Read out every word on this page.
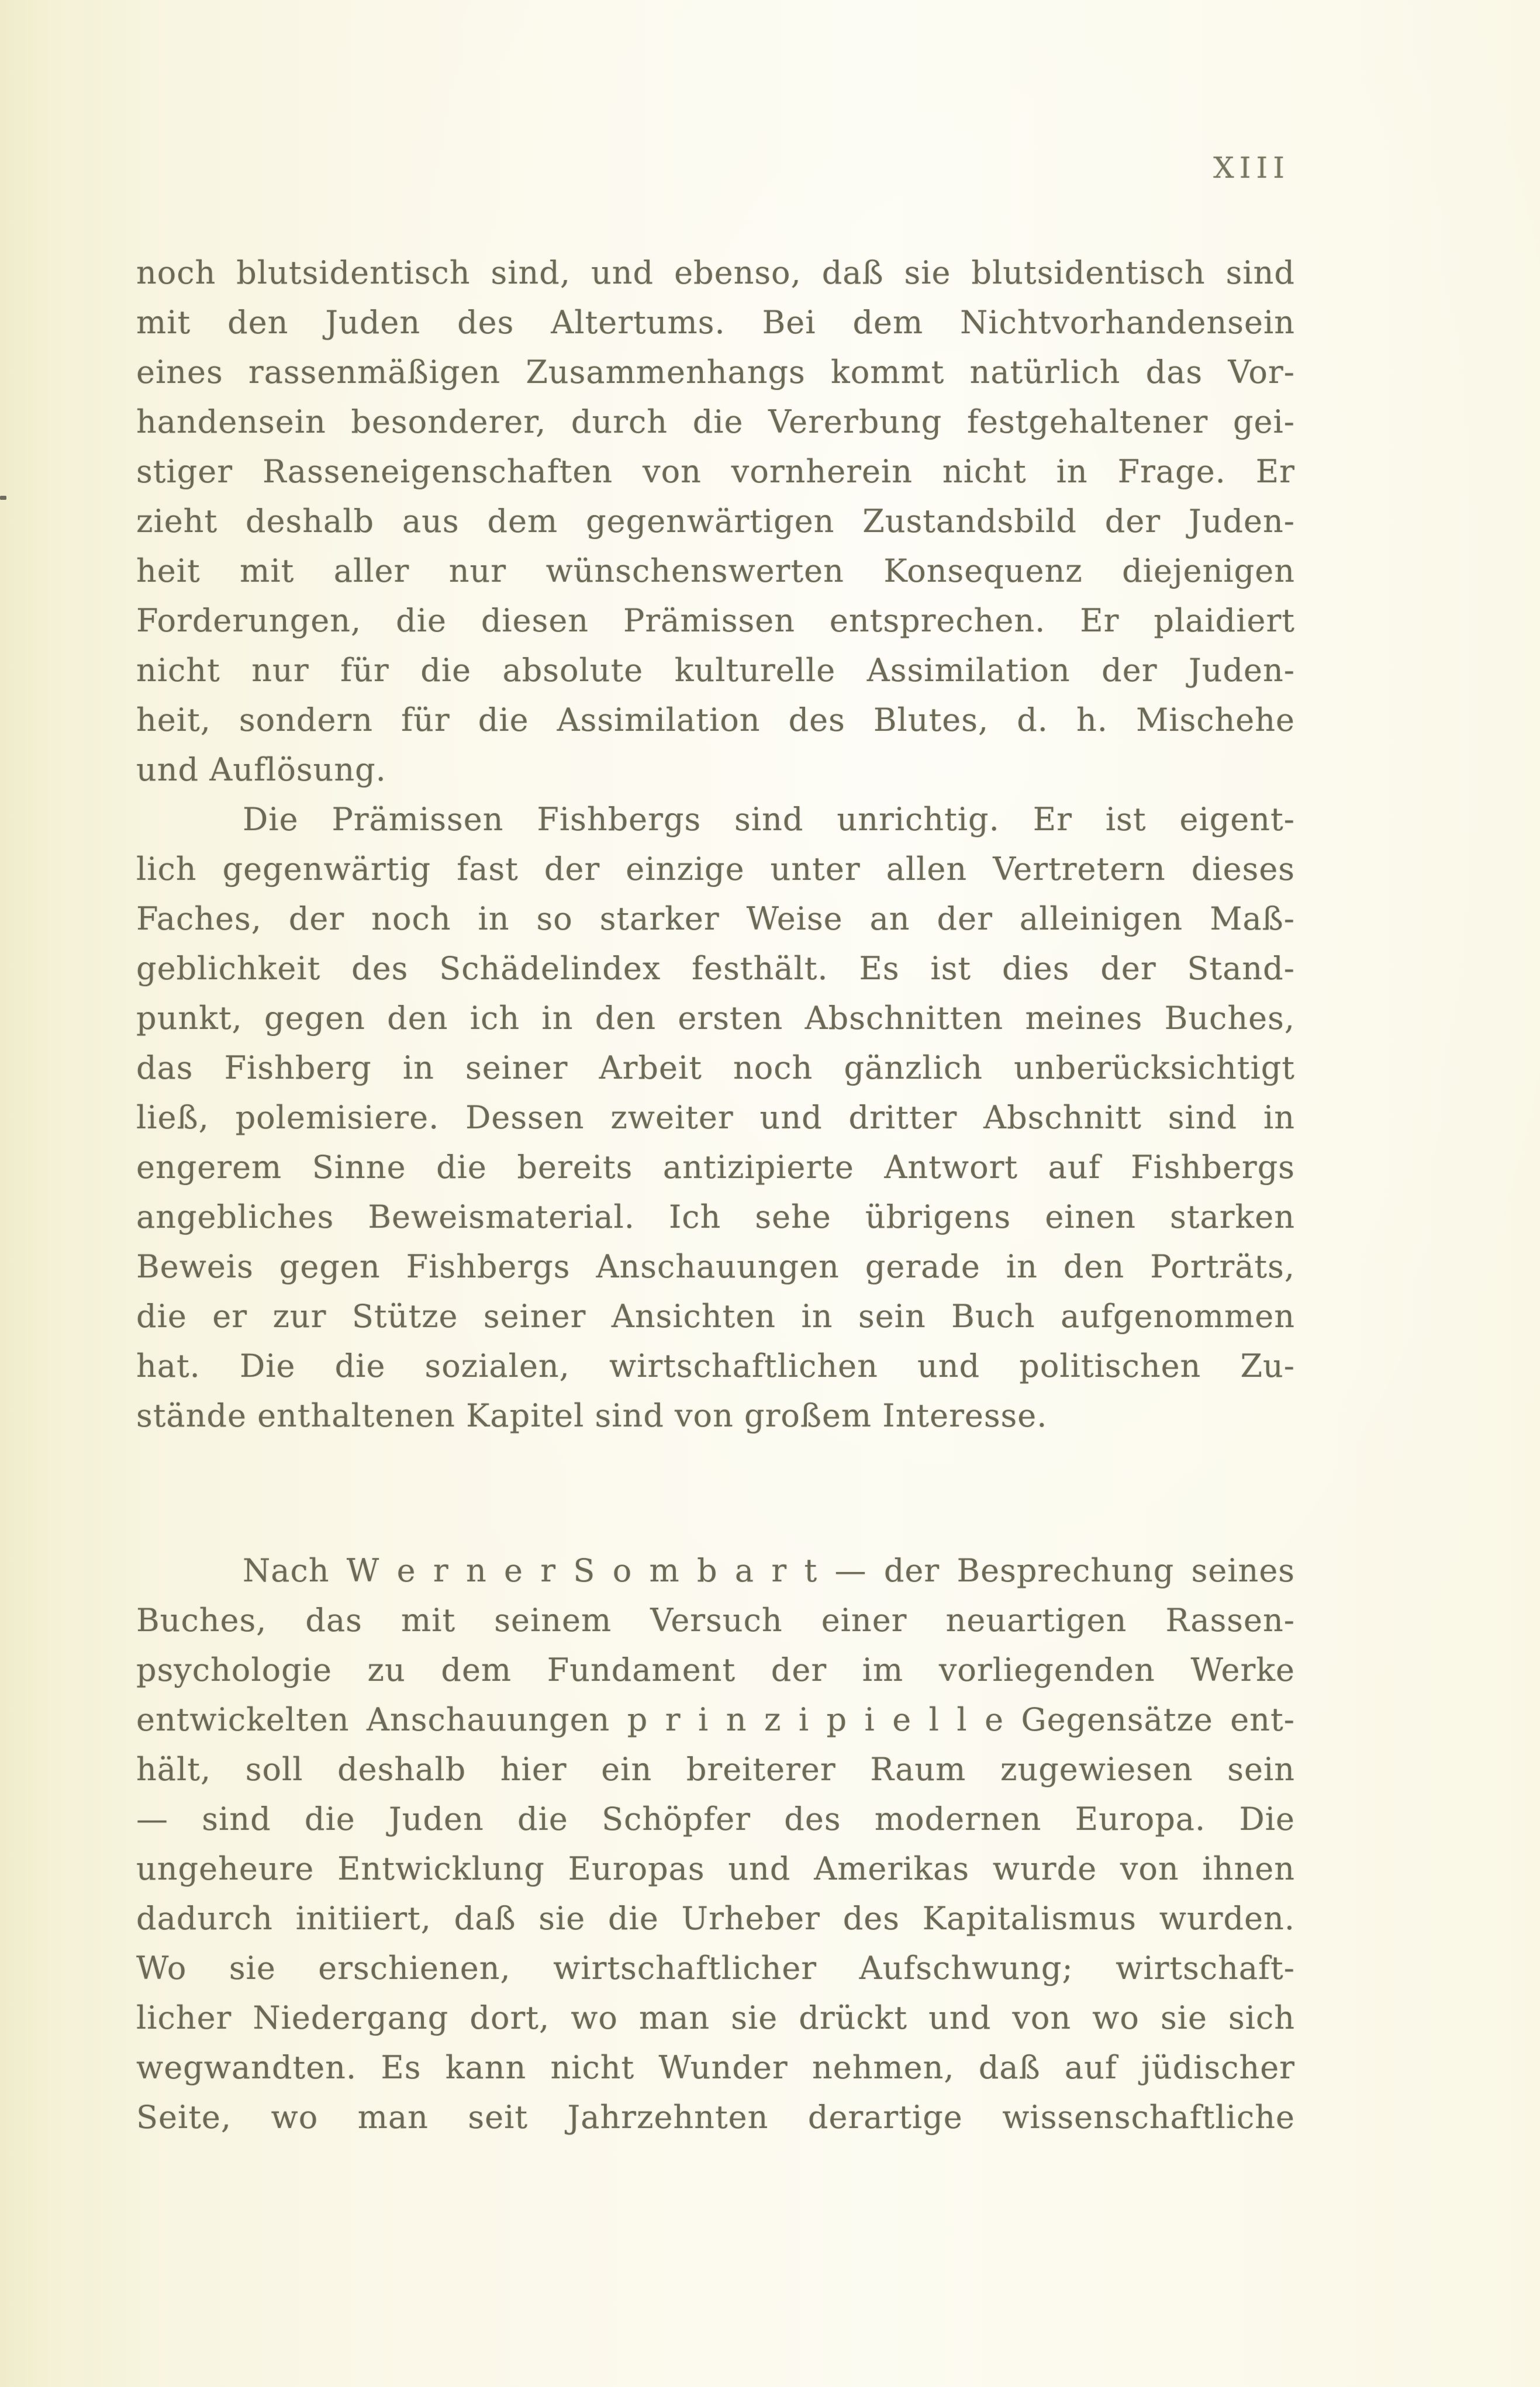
XIII
noch blutsidentisch sind, und ebenso, daß sie blutsidentisch sind
mit den Juden des Altertums. Bei dem Nichtvorhandensein
eines rassenmäßigen Zusammenhangs kommt natürlich das Vor-
handensein besonderer, durch die Vererbung festgehaltener gei-
stiger Rasseneigenschaften von vornherein nicht in Frage. Er
zieht deshalb aus dem gegenwärtigen Zustandsbild der Juden-
heit mit aller nur wünschenswerten Konsequenz diejenigen
Forderungen, die diesen Prämissen entsprechen. Er plaidiert
nicht nur für die absolute kulturelle Assimilation der Juden-
heit, sondern für die Assimilation des Blutes, d. h. Mischehe
und Auflösung.
Die Prämissen Fishbergs sind unrichtig. Er ist eigent-
lich gegenwärtig fast der einzige unter allen Vertretern dieses
Faches, der noch in so starker Weise an der alleinigen Maß-
geblichkeit des Schädelindex festhält. Es ist dies der Stand-
punkt, gegen den ich in den ersten Abschnitten meines Buches,
das Fishberg in seiner Arbeit noch gänzlich unberücksichtigt
ließ, polemisiere. Dessen zweiter und dritter Abschnitt sind in
engerem Sinne die bereits antizipierte Antwort auf Fishbergs
angebliches Beweismaterial. Ich sehe übrigens einen starken
Beweis gegen Fishbergs Anschauungen gerade in den Porträts,
die er zur Stütze seiner Ansichten in sein Buch aufgenommen
hat. Die die sozialen, wirtschaftlichen und politischen Zu-
stände enthaltenen Kapitel sind von großem Interesse.
Nach W e r n e r S o m b a r t — der Besprechung seines
Buches, das mit seinem Versuch einer neuartigen Rassen-
psychologie zu dem Fundament der im vorliegenden Werke
entwickelten Anschauungen p r i n z i p i e l l e Gegensätze ent-
hält, soll deshalb hier ein breiterer Raum zugewiesen sein
— sind die Juden die Schöpfer des modernen Europa. Die
ungeheure Entwicklung Europas und Amerikas wurde von ihnen
dadurch initiiert, daß sie die Urheber des Kapitalismus wurden.
Wo sie erschienen, wirtschaftlicher Aufschwung; wirtschaft-
licher Niedergang dort, wo man sie drückt und von wo sie sich
wegwandten. Es kann nicht Wunder nehmen, daß auf jüdischer
Seite, wo man seit Jahrzehnten derartige wissenschaftliche
